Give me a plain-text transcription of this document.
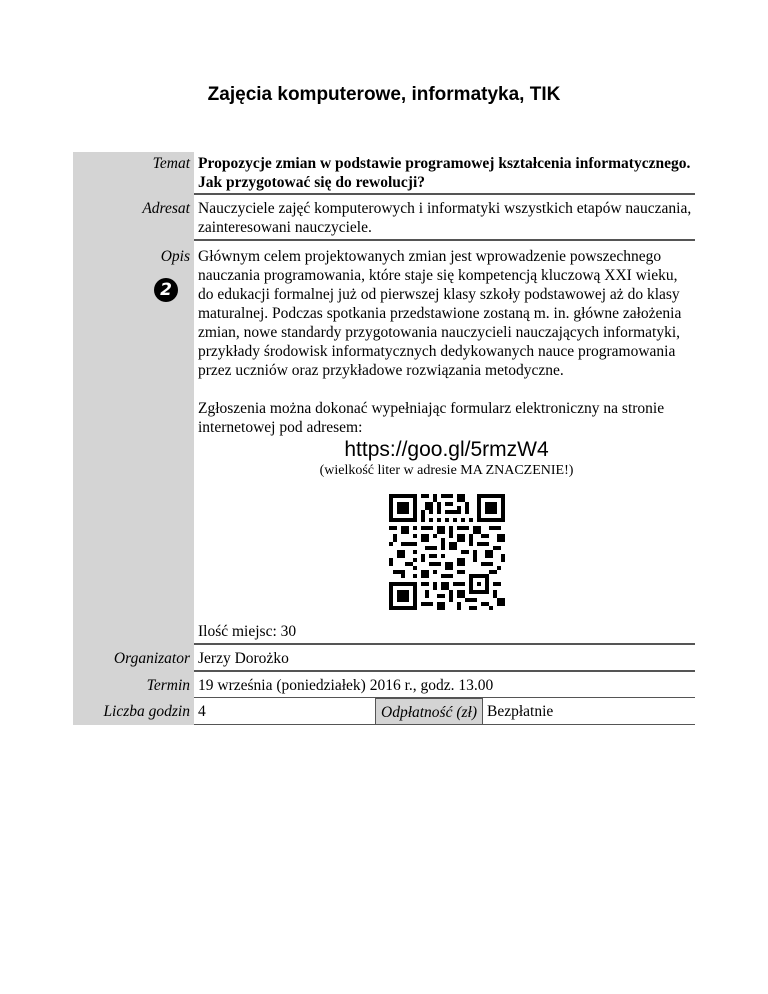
Zajęcia komputerowe, informatyka, TIK
Temat Propozycje zmian w podstawie programowej kształcenia informatycznego. Jak przygotować się do rewolucji?
Adresat Nauczyciele zajęć komputerowych i informatyki wszystkich etapów nauczania, zainteresowani nauczyciele.
Opis
2

Głównym celem projektowanych zmian jest wprowadzenie powszechnego nauczania programowania, które staje się kompetencją kluczową XXI wieku, do edukacji formalnej już od pierwszej klasy szkoły podstawowej aż do klasy maturalnej. Podczas spotkania przedstawione zostaną m. in. główne założenia zmian, nowe standardy przygotowania nauczycieli nauczających informatyki, przykłady środowisk informatycznych dedykowanych nauce programowania przez uczniów oraz przykładowe rozwiązania metodyczne.

Zgłoszenia można dokonać wypełniając formularz elektroniczny na stronie internetowej pod adresem:

https://goo.gl/5rmzW4
(wielkość liter w adresie MA ZNACZENIE!)
Ilość miejsc: 30
Organizator Jerzy Dorożko
Termin 19 września (poniedziałek) 2016 r., godz. 13.00
Liczba godzin 4	Odpłatność (zł) Bezpłatnie
